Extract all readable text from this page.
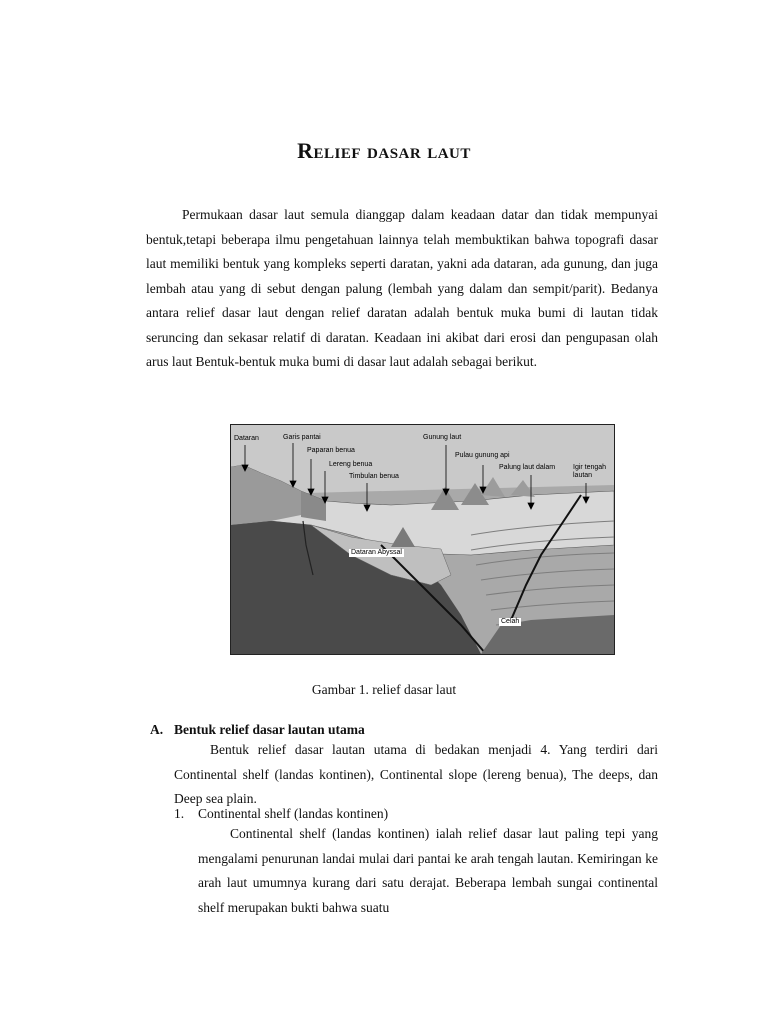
Relief dasar laut

Permukaan dasar laut semula dianggap dalam keadaan datar dan tidak mempunyai bentuk,tetapi beberapa ilmu pengetahuan lainnya telah membuktikan bahwa topografi dasar laut memiliki bentuk yang kompleks seperti daratan, yakni ada dataran, ada gunung, dan juga lembah atau yang di sebut dengan palung (lembah yang dalam dan sempit/parit). Bedanya antara relief dasar laut dengan relief daratan adalah bentuk muka bumi di lautan tidak seruncing dan sekasar relatif di daratan. Keadaan ini akibat dari erosi dan pengupasan olah arus laut Bentuk-bentuk muka bumi di dasar laut adalah sebagai berikut.

Dataran	Garis pantai
Paparan benua
Lereng benua
Timbulan benua
Gunung laut
Pulau gunung api
Palung laut dalam	Igir tengah
lautan
Dataran Abyssal
Celah

Gambar 1. relief dasar laut

A. Bentuk relief dasar lautan utama

Bentuk relief dasar lautan utama di bedakan menjadi 4. Yang terdiri dari Continental shelf (landas kontinen), Continental slope (lereng benua), The deeps, dan Deep sea plain.

1. Continental shelf (landas kontinen)

Continental shelf (landas kontinen) ialah relief dasar laut paling tepi yang mengalami penurunan landai mulai dari pantai ke arah tengah lautan. Kemiringan ke arah laut umumnya kurang dari satu derajat. Beberapa lembah sungai continental shelf merupakan bukti bahwa suatu
